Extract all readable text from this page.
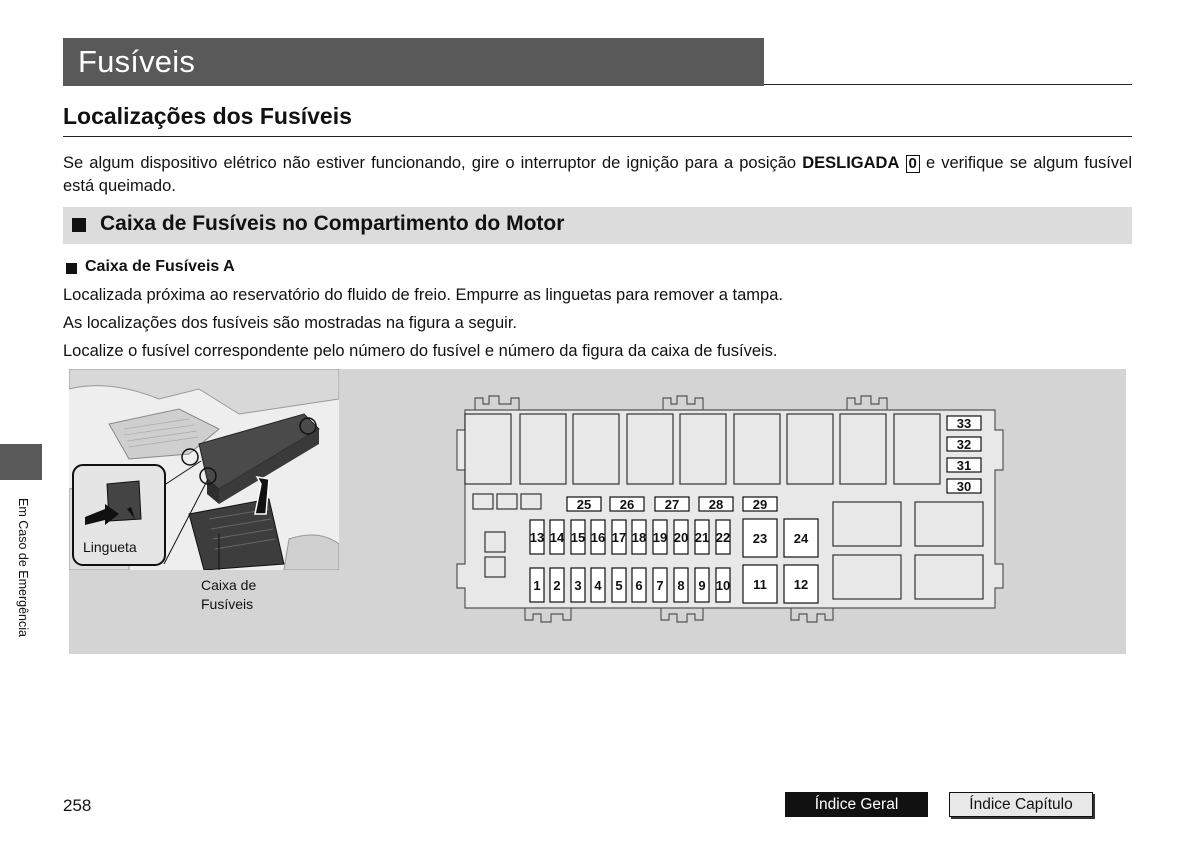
Fusíveis
Localizações dos Fusíveis
Se algum dispositivo elétrico não estiver funcionando, gire o interruptor de ignição para a posição DESLIGADA 0 e verifique se algum fusível está queimado.
Caixa de Fusíveis no Compartimento do Motor
Caixa de Fusíveis A
Localizada próxima ao reservatório do fluido de freio. Empurre as linguetas para remover a tampa.
As localizações dos fusíveis são mostradas na figura a seguir.
Localize o fusível correspondente pelo número do fusível e número da figura da caixa de fusíveis.
Lingueta
Caixa de
Fusíveis
25 26 27 28 29
33
32
31
30
13 14 15 16 17 18 19 20 21 22
1 2 3 4 5 6 7 8 9 10
23 24
11 12
Em Caso de Emergência
258	Índice Geral	Índice Capítulo
